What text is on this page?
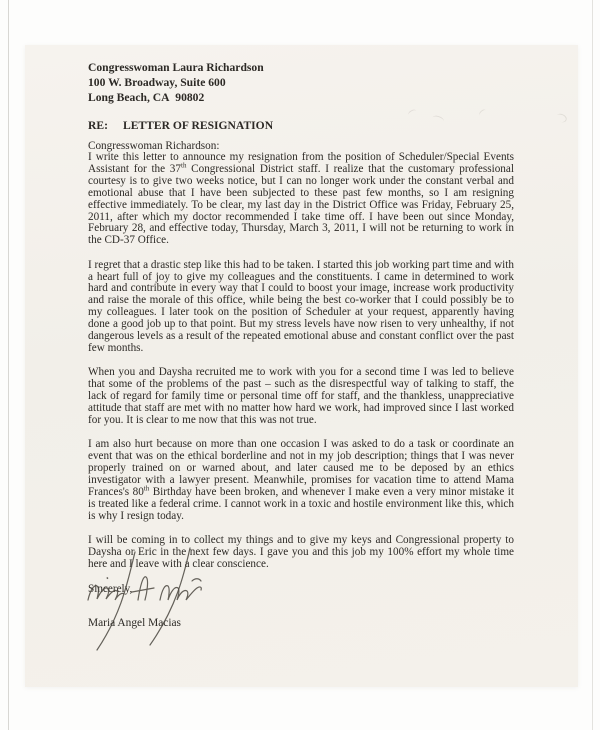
Congresswoman Laura Richardson
100 W. Broadway, Suite 600
Long Beach, CA  90802
RE: LETTER OF RESIGNATION
Congresswoman Richardson:

I write this letter to announce my resignation from the position of Scheduler/Special Events Assistant for the 37th Congressional District staff. I realize that the customary professional courtesy is to give two weeks notice, but I can no longer work under the constant verbal and emotional abuse that I have been subjected to these past few months, so I am resigning effective immediately. To be clear, my last day in the District Office was Friday, February 25, 2011, after which my doctor recommended I take time off. I have been out since Monday, February 28, and effective today, Thursday, March 3, 2011, I will not be returning to work in the CD-37 Office.

I regret that a drastic step like this had to be taken. I started this job working part time and with a heart full of joy to give my colleagues and the constituents. I came in determined to work hard and contribute in every way that I could to boost your image, increase work productivity and raise the morale of this office, while being the best co-worker that I could possibly be to my colleagues. I later took on the position of Scheduler at your request, apparently having done a good job up to that point. But my stress levels have now risen to very unhealthy, if not dangerous levels as a result of the repeated emotional abuse and constant conflict over the past few months.

When you and Daysha recruited me to work with you for a second time I was led to believe that some of the problems of the past – such as the disrespectful way of talking to staff, the lack of regard for family time or personal time off for staff, and the thankless, unappreciative attitude that staff are met with no matter how hard we work, had improved since I last worked for you. It is clear to me now that this was not true.

I am also hurt because on more than one occasion I was asked to do a task or coordinate an event that was on the ethical borderline and not in my job description; things that I was never properly trained on or warned about, and later caused me to be deposed by an ethics investigator with a lawyer present. Meanwhile, promises for vacation time to attend Mama Frances's 80th Birthday have been broken, and whenever I make even a very minor mistake it is treated like a federal crime. I cannot work in a toxic and hostile environment like this, which is why I resign today.

I will be coming in to collect my things and to give my keys and Congressional property to Daysha or Eric in the next few days. I gave you and this job my 100% effort my whole time here and I leave with a clear conscience.

Sincerely,
Maria Angel Macias
